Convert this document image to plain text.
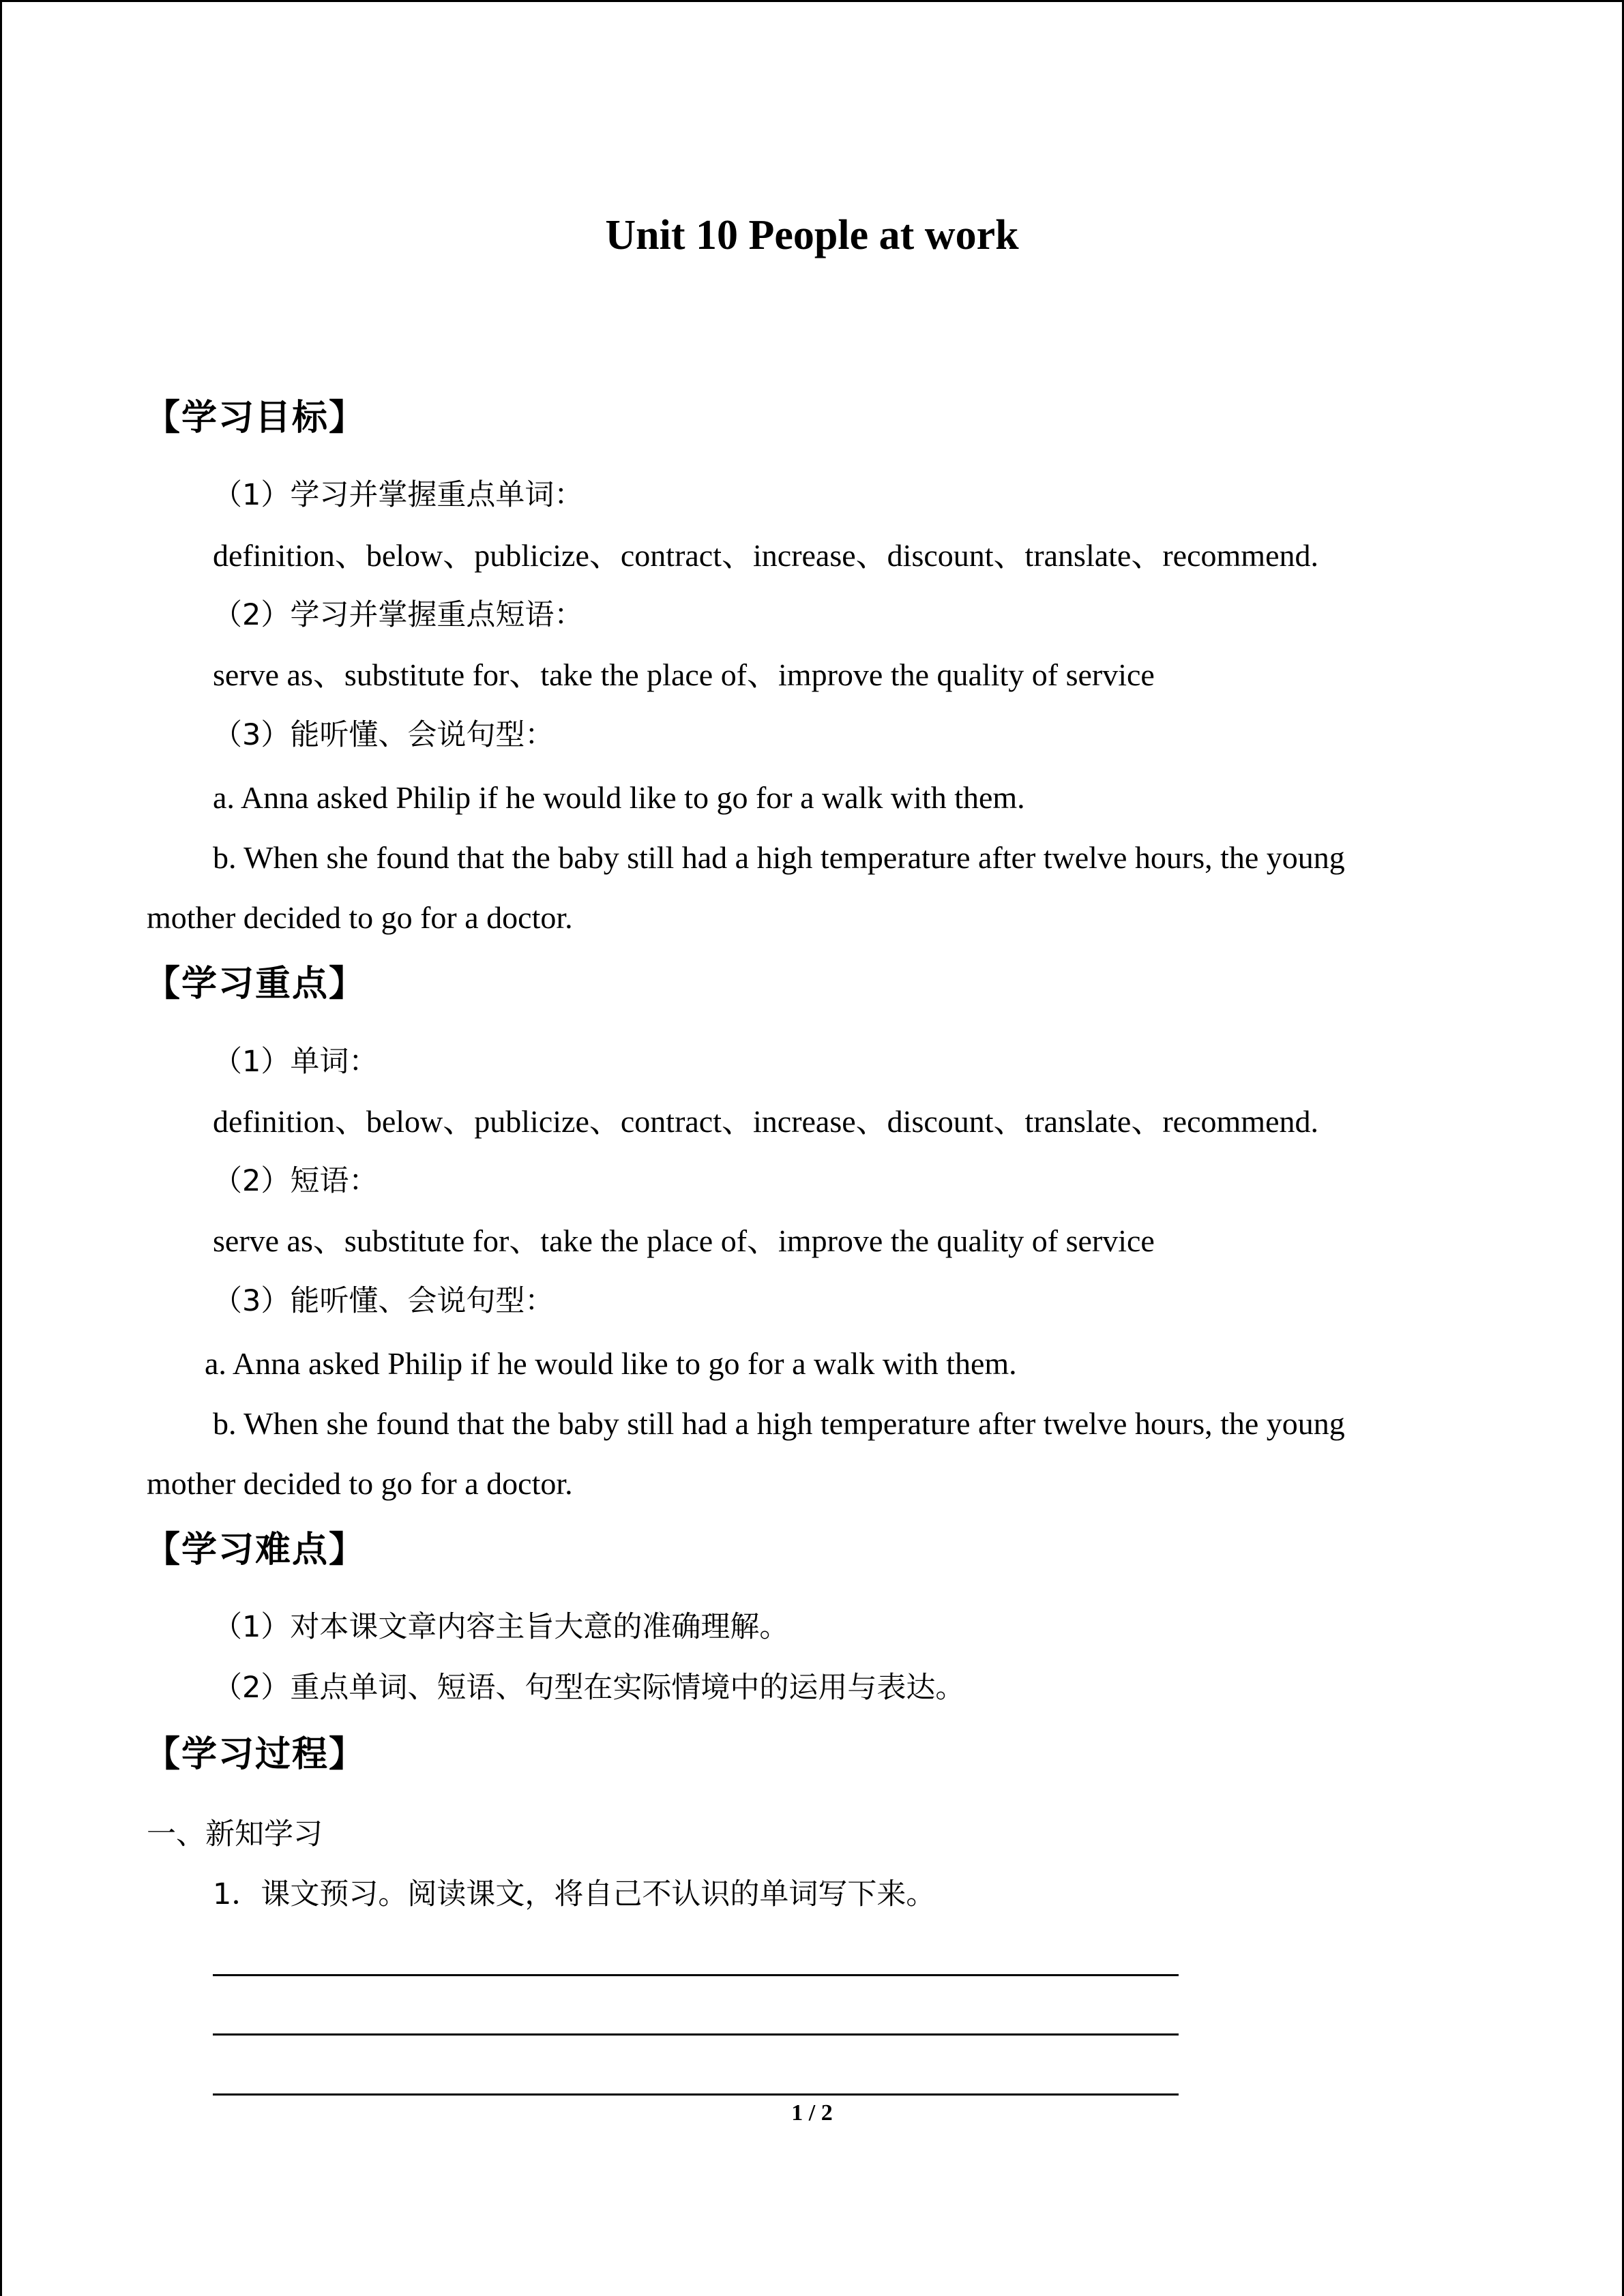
Unit 10 People at work
【学习目标】
（1）学习并掌握重点单词：
definition、below、publicize、contract、increase、discount、translate、recommend.
（2）学习并掌握重点短语：
serve as、substitute for、take the place of、improve the quality of service
（3）能听懂、会说句型：
a. Anna asked Philip if he would like to go for a walk with them.
b. When she found that the baby still had a high temperature after twelve hours, the young
mother decided to go for a doctor.
【学习重点】
（1）单词：
definition、below、publicize、contract、increase、discount、translate、recommend.
（2）短语：
serve as、substitute for、take the place of、improve the quality of service
（3）能听懂、会说句型：
a. Anna asked Philip if he would like to go for a walk with them.
b. When she found that the baby still had a high temperature after twelve hours, the young
mother decided to go for a doctor.
【学习难点】
（1）对本课文章内容主旨大意的准确理解。
（2）重点单词、短语、句型在实际情境中的运用与表达。
【学习过程】
一、新知学习
1．课文预习。阅读课文，将自己不认识的单词写下来。
1 / 2
